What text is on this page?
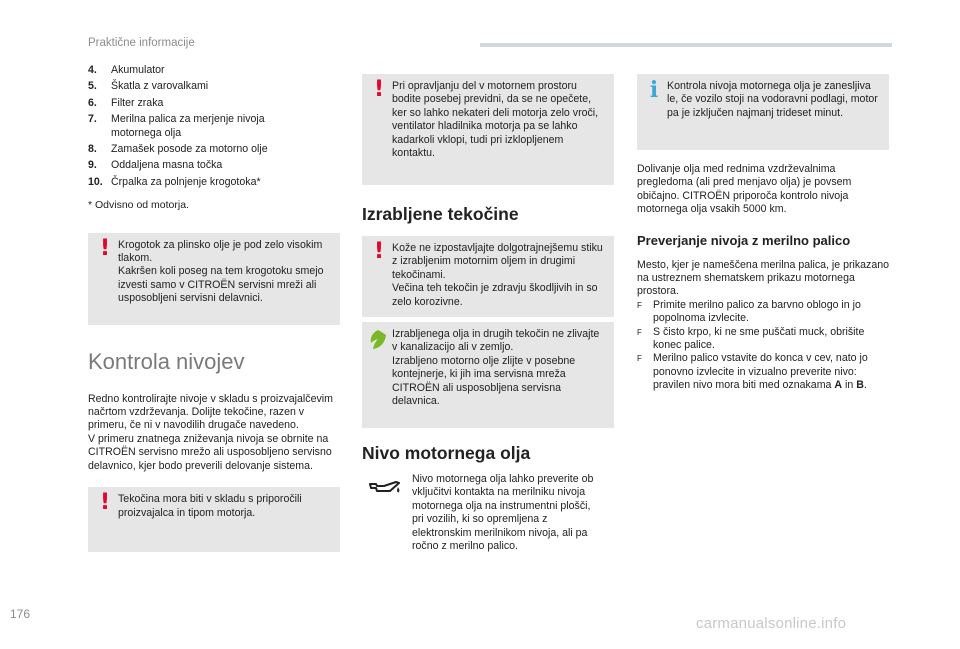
Praktične informacije
4. Akumulator
5. Škatla z varovalkami
6. Filter zraka
7. Merilna palica za merjenje nivoja motornega olja
8. Zamašek posode za motorno olje
9. Oddaljena masna točka
10. Črpalka za polnjenje krogotoka*
* Odvisno od motorja.
! Krogotok za plinsko olje je pod zelo visokim tlakom.
Kakršen koli poseg na tem krogotoku smejo izvesti samo v CITROËN servisni mreži ali usposobljeni servisni delavnici.
Kontrola nivojev
Redno kontrolirajte nivoje v skladu s proizvajalčevim načrtom vzdrževanja. Dolijte tekočine, razen v primeru, če ni v navodilih drugače navedeno.
V primeru znatnega zniževanja nivoja se obrnite na CITROËN servisno mrežo ali usposobljeno servisno delavnico, kjer bodo preverili delovanje sistema.
! Tekočina mora biti v skladu s priporočili proizvajalca in tipom motorja.
! Pri opravljanju del v motornem prostoru bodite posebej previdni, da se ne opečete, ker so lahko nekateri deli motorja zelo vroči, ventilator hladilnika motorja pa se lahko kadarkoli vklopi, tudi pri izklopljenem kontaktu.
Izrabljene tekočine
! Kože ne izpostavljajte dolgotrajnejšemu stiku z izrabljenim motornim oljem in drugimi tekočinami.
Večina teh tekočin je zdravju škodljivih in so zelo korozivne.
Izrabljenega olja in drugih tekočin ne zlivajte v kanalizacijo ali v zemljo.
Izrabljeno motorno olje zlijte v posebne kontejnerje, ki jih ima servisna mreža CITROËN ali usposobljena servisna delavnica.
Nivo motornega olja
Nivo motornega olja lahko preverite ob vključitvi kontakta na merilniku nivoja motornega olja na instrumentni plošči, pri vozilih, ki so opremljena z elektronskim merilnikom nivoja, ali pa ročno z merilno palico.
i Kontrola nivoja motornega olja je zanesljiva le, če vozilo stoji na vodoravni podlagi, motor pa je izključen najmanj trideset minut.
Dolivanje olja med rednima vzdrževalnima pregledoma (ali pred menjavo olja) je povsem običajno. CITROËN priporoča kontrolo nivoja motornega olja vsakih 5000 km.
Preverjanje nivoja z merilno palico
Mesto, kjer je nameščena merilna palica, je prikazano na ustreznem shematskem prikazu motornega prostora.
F	Primite merilno palico za barvno oblogo in jo popolnoma izvlecite.
F	S čisto krpo, ki ne sme puščati muck, obrišite konec palice.
F	Merilno palico vstavite do konca v cev, nato jo ponovno izvlecite in vizualno preverite nivo: pravilen nivo mora biti med oznakama A in B.
176
carmanualsonline.info
